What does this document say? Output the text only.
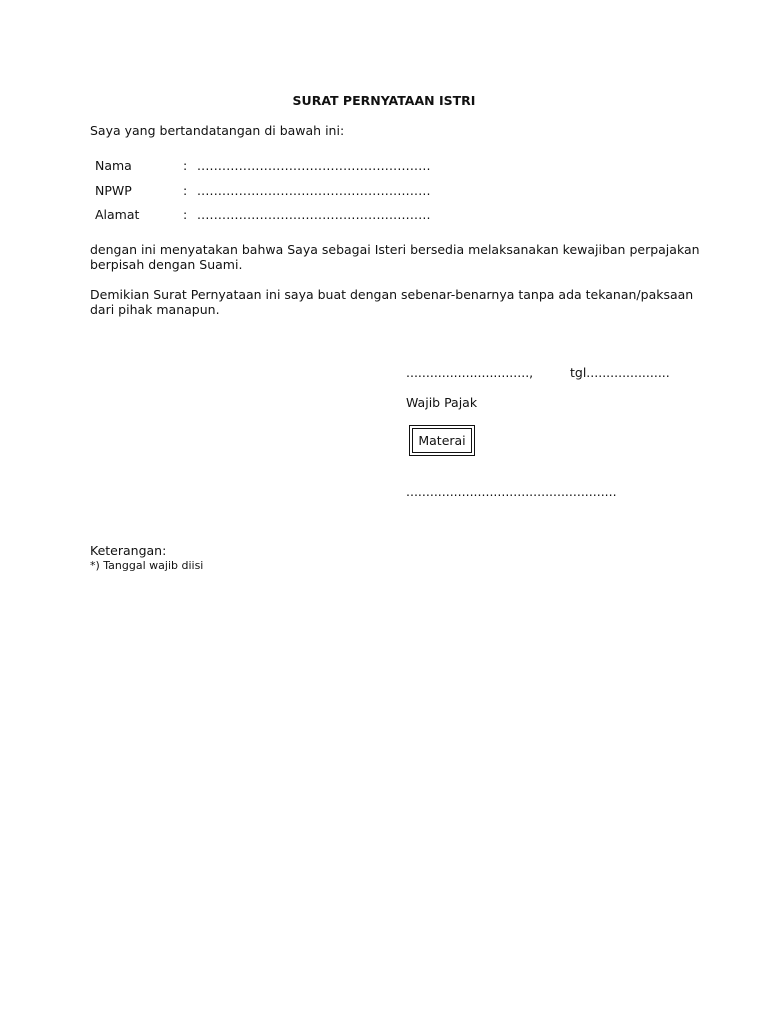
SURAT PERNYATAAN ISTRI
Saya yang bertandatangan di bawah ini:
Nama	: ........................................................
NPWP	: ........................................................
Alamat	: ........................................................
dengan ini menyatakan bahwa Saya sebagai Isteri bersedia melaksanakan kewajiban perpajakan
berpisah dengan Suami.
Demikian Surat Pernyataan ini saya buat dengan sebenar-benarnya tanpa ada tekanan/paksaan
dari pihak manapun.
...............................,	tgl.....................
Wajib Pajak
Materai
.....................................................
Keterangan:
*) Tanggal wajib diisi
